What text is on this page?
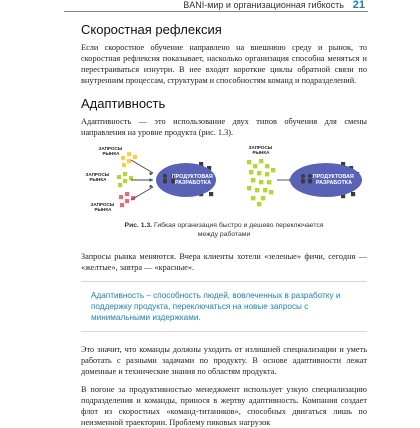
BANI-мир и организационная гибкость 21
Скоростная рефлексия

Если скоростное обучение направлено на внешнюю среду и рынок, то скоростная рефлексия показывает, насколько организация способна меняться и перестраиваться изнутри. В нее входят короткие циклы обратной связи по внутренним процессам, структурам и способностям команд и подразделений.

Адаптивность

Адаптивность — это использование двух типов обучения для смены направления на уровне продукта (рис. 1.3).

ЗАПРОСЫ РЫНКА
ЗАПРОСЫ РЫНКА
ЗАПРОСЫ РЫНКА
ПРОДУКТОВАЯ РАЗРАБОТКА
ЗАПРОСЫ РЫНКА
ПРОДУКТОВАЯ РАЗРАБОТКА
Рис. 1.3. Гибкая организация быстро и дешево переключается
между работами

Запросы рынка меняются. Вчера клиенты хотели «зеленые» фичи, сегодня — «желтые», завтра — «красные».

Адаптивность – способность людей, вовлеченных в разработку и поддержку продукта, переключаться на новые запросы с минимальными издержками.

Это значит, что команды должны уходить от излишней специализации и уметь работать с разными задачами по продукту. В основе адаптивности лежат доменные и технические знания по областям продукта.

В погоне за продуктивностью менеджмент использует узкую специализацию подразделения и команды, принося в жертву адаптивность. Компания создает флот из скоростных «команд-титаников», способных двигаться лишь по неизменной траектории. Проблему пиковых нагрузок
